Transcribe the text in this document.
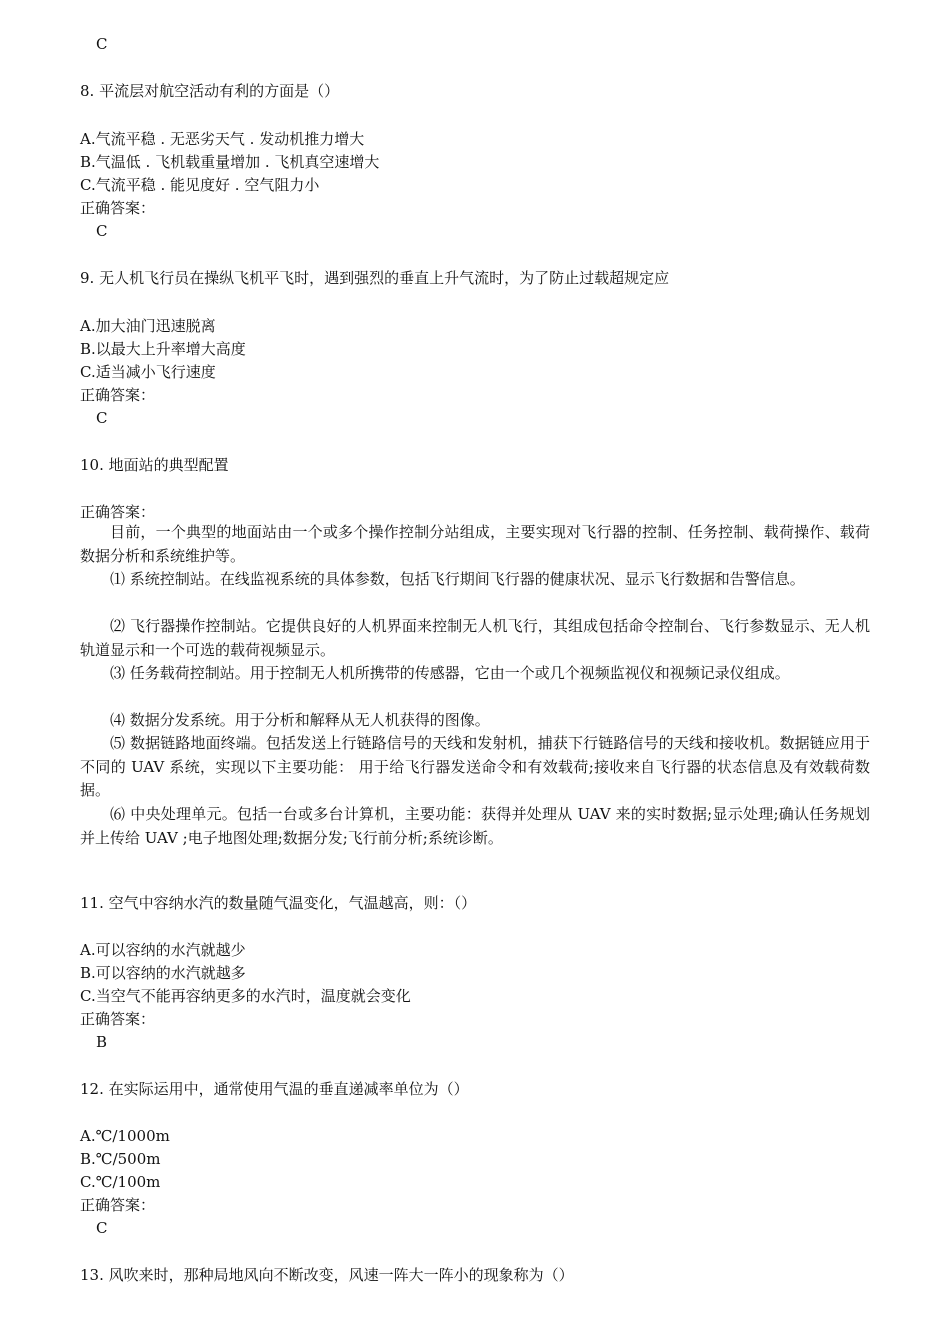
C
8. 平流层对航空活动有利的方面是（）
A.气流平稳 . 无恶劣天气 . 发动机推力增大
B.气温低 . 飞机载重量增加 . 飞机真空速增大
C.气流平稳 . 能见度好 . 空气阻力小
正确答案：
C
9. 无人机飞行员在操纵飞机平飞时，遇到强烈的垂直上升气流时，为了防止过载超规定应
A.加大油门迅速脱离
B.以最大上升率增大高度
C.适当减小飞行速度
正确答案：
C
10. 地面站的典型配置
正确答案：
目前，一个典型的地面站由一个或多个操作控制分站组成，主要实现对飞行器的控制、任务控制、载荷操作、载荷数据分析和系统维护等。
⑴ 系统控制站。在线监视系统的具体参数，包括飞行期间飞行器的健康状况、显示飞行数据和告警信息。
⑵ 飞行器操作控制站。它提供良好的人机界面来控制无人机飞行，其组成包括命令控制台、飞行参数显示、无人机轨道显示和一个可选的载荷视频显示。
⑶ 任务载荷控制站。用于控制无人机所携带的传感器，它由一个或几个视频监视仪和视频记录仪组成。
⑷ 数据分发系统。用于分析和解释从无人机获得的图像。
⑸ 数据链路地面终端。包括发送上行链路信号的天线和发射机，捕获下行链路信号的天线和接收机。数据链应用于不同的 UAV 系统，实现以下主要功能： 用于给飞行器发送命令和有效载荷;接收来自飞行器的状态信息及有效载荷数据。
⑹ 中央处理单元。包括一台或多台计算机，主要功能：获得并处理从 UAV 来的实时数据;显示处理;确认任务规划并上传给 UAV ;电子地图处理;数据分发;飞行前分析;系统诊断。
11. 空气中容纳水汽的数量随气温变化，气温越高，则：（）
A.可以容纳的水汽就越少
B.可以容纳的水汽就越多
C.当空气不能再容纳更多的水汽时，温度就会变化
正确答案：
B
12. 在实际运用中，通常使用气温的垂直递减率单位为（）
A.℃/1000m
B.℃/500m
C.℃/100m
正确答案：
C
13. 风吹来时，那种局地风向不断改变，风速一阵大一阵小的现象称为（）
